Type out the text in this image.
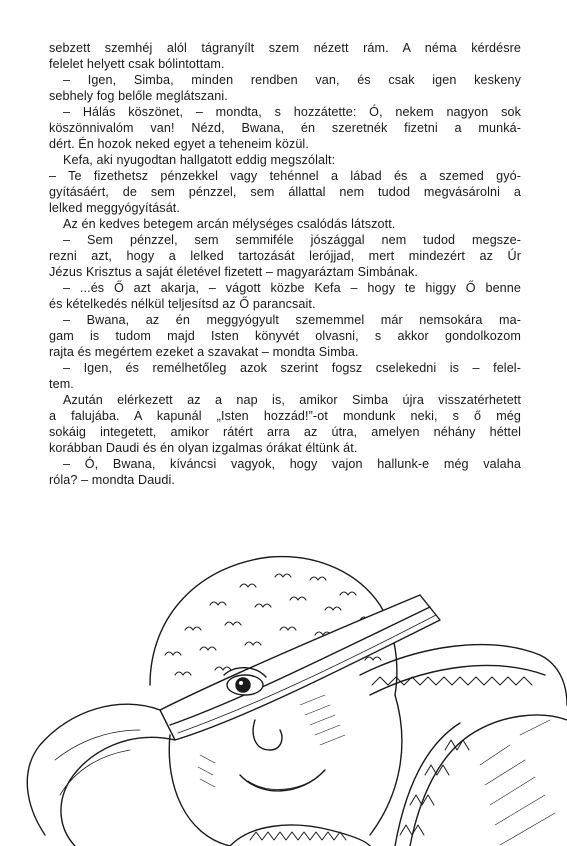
sebzett szemhéj alól tágranyílt szem nézett rám. A néma kérdésre
felelet helyett csak bólintottam.
– Igen, Simba, minden rendben van, és csak igen keskeny
sebhely fog belőle meglátszani.
– Hálás köszönet, – mondta, s hozzátette: Ó, nekem nagyon sok
köszönnivalóm van! Nézd, Bwana, én szeretnék fizetni a munká-
dért. Én hozok neked egyet a teheneim közül.
Kefa, aki nyugodtan hallgatott eddig megszólalt:
– Te fizethetsz pénzekkel vagy tehénnel a lábad és a szemed gyó-
gyításáért, de sem pénzzel, sem állattal nem tudod megvásárolni a
lelked meggyógyítását.
Az én kedves betegem arcán mélységes csalódás látszott.
– Sem pénzzel, sem semmiféle jószággal nem tudod megsze-
rezni azt, hogy a lelked tartozását leróјјad, mert mindezért az Úr
Jézus Krisztus a saját életével fizetett – magyaráztam Simbának.
– ...és Ő azt akarja, – vágott közbe Kefa – hogy te higgy Ő benne
és kételkedés nélkül teljesítsd az Ő parancsait.
– Bwana, az én meggyógyult szememmel már nemsokára ma-
gam is tudom majd Isten könyvét olvasni, s akkor gondolkozom
rajta és megértem ezeket a szavakat – mondta Simba.
– Igen, és remélhetőleg azok szerint fogsz cselekedni is – felel-
tem.
Azután elérkezett az a nap is, amikor Simba újra visszatérhetett
a falujába. A kapunál „Isten hozzád!”-ot mondunk neki, s ő még
sokáig integetett, amikor rátért arra az útra, amelyen néhány héttel
korábban Daudi és én olyan izgalmas órákat éltünk át.
– Ó, Bwana, kíváncsi vagyok, hogy vajon hallunk-e még valaha
róla? – mondta Daudi.
